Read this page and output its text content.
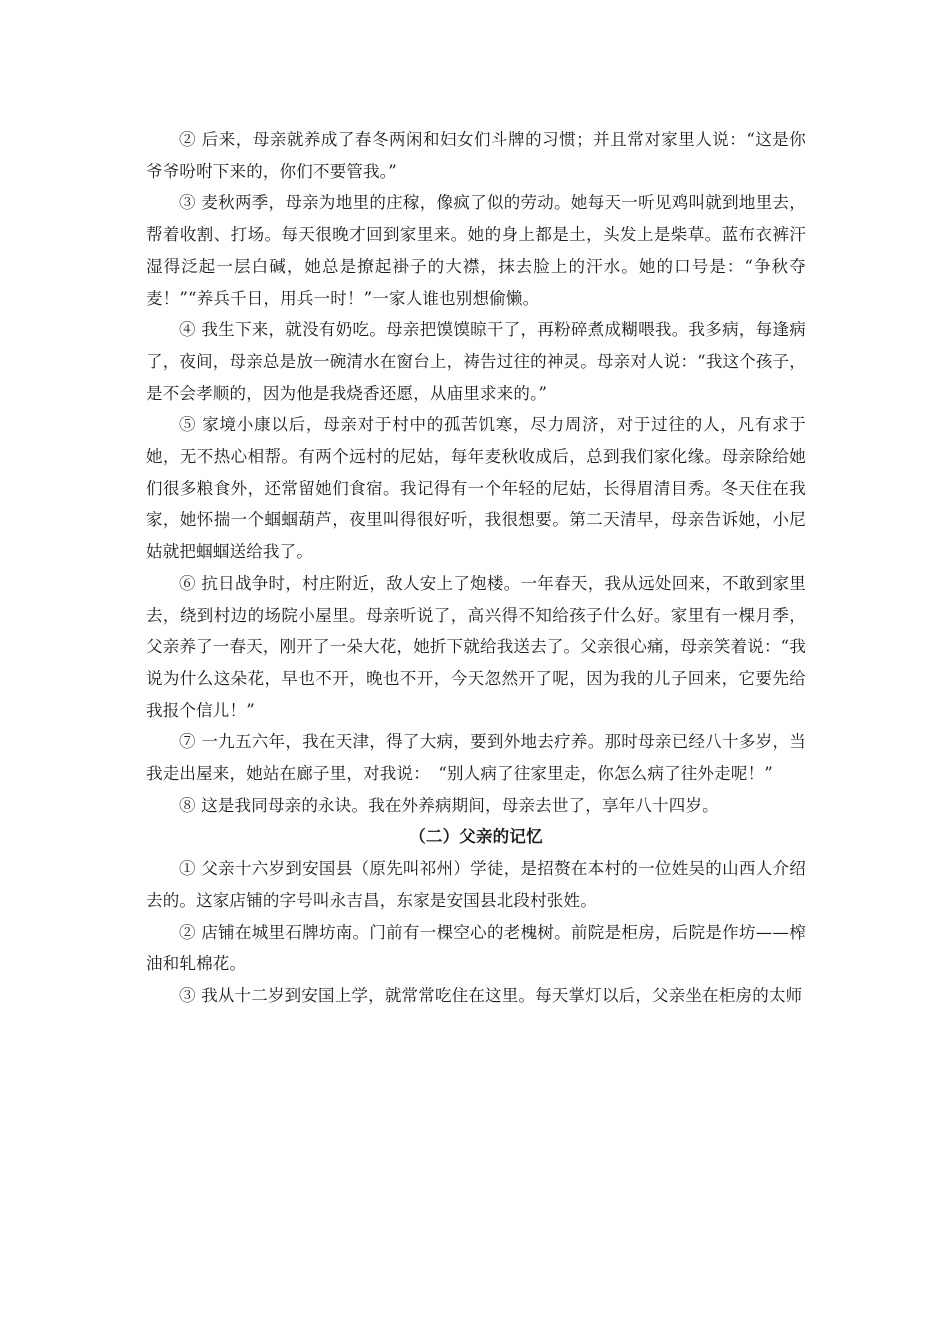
② 后来，母亲就养成了春冬两闲和妇女们斗牌的习惯；并且常对家里人说：“这是你爷爷吩咐下来的，你们不要管我。”

③ 麦秋两季，母亲为地里的庄稼，像疯了似的劳动。她每天一听见鸡叫就到地里去，帮着收割、打场。每天很晚才回到家里来。她的身上都是土，头发上是柴草。蓝布衣裤汗湿得泛起一层白碱，她总是撩起褂子的大襟，抹去脸上的汗水。她的口号是：“争秋夺麦！”“养兵千日，用兵一时！”一家人谁也别想偷懒。

④ 我生下来，就没有奶吃。母亲把馍馍晾干了，再粉碎煮成糊喂我。我多病，每逢病了，夜间，母亲总是放一碗清水在窗台上，祷告过往的神灵。母亲对人说：“我这个孩子，是不会孝顺的，因为他是我烧香还愿，从庙里求来的。”

⑤ 家境小康以后，母亲对于村中的孤苦饥寒，尽力周济，对于过往的人，凡有求于她，无不热心相帮。有两个远村的尼姑，每年麦秋收成后，总到我们家化缘。母亲除给她们很多粮食外，还常留她们食宿。我记得有一个年轻的尼姑，长得眉清目秀。冬天住在我家，她怀揣一个蝈蝈葫芦，夜里叫得很好听，我很想要。第二天清早，母亲告诉她，小尼姑就把蝈蝈送给我了。

⑥ 抗日战争时，村庄附近，敌人安上了炮楼。一年春天，我从远处回来，不敢到家里去，绕到村边的场院小屋里。母亲听说了，高兴得不知给孩子什么好。家里有一棵月季，父亲养了一春天，刚开了一朵大花，她折下就给我送去了。父亲很心痛，母亲笑着说：“我说为什么这朵花，早也不开，晚也不开，今天忽然开了呢，因为我的儿子回来，它要先给我报个信儿！”

⑦ 一九五六年，我在天津，得了大病，要到外地去疗养。那时母亲已经八十多岁，当我走出屋来，她站在廊子里，对我说：　“别人病了往家里走，你怎么病了往外走呢！”

⑧ 这是我同母亲的永诀。我在外养病期间，母亲去世了，享年八十四岁。

（二）父亲的记忆

① 父亲十六岁到安国县（原先叫祁州）学徒，是招赘在本村的一位姓吴的山西人介绍去的。这家店铺的字号叫永吉昌，东家是安国县北段村张姓。

② 店铺在城里石牌坊南。门前有一棵空心的老槐树。前院是柜房，后院是作坊——榨油和轧棉花。

③ 我从十二岁到安国上学，就常常吃住在这里。每天掌灯以后，父亲坐在柜房的太师
